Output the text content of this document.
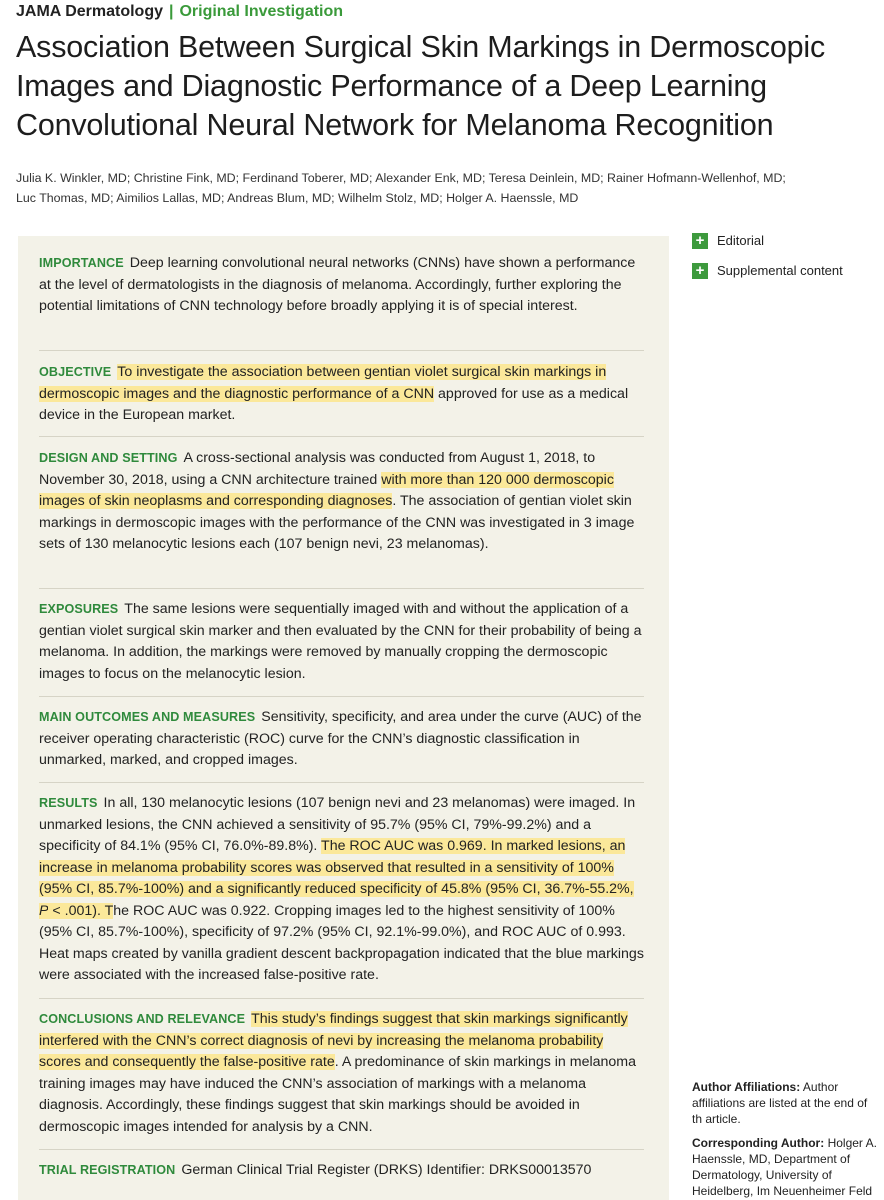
JAMA Dermatology | Original Investigation
Association Between Surgical Skin Markings in Dermoscopic Images and Diagnostic Performance of a Deep Learning Convolutional Neural Network for Melanoma Recognition
Julia K. Winkler, MD; Christine Fink, MD; Ferdinand Toberer, MD; Alexander Enk, MD; Teresa Deinlein, MD; Rainer Hofmann-Wellenhof, MD;
Luc Thomas, MD; Aimilios Lallas, MD; Andreas Blum, MD; Wilhelm Stolz, MD; Holger A. Haenssle, MD
IMPORTANCE Deep learning convolutional neural networks (CNNs) have shown a performance at the level of dermatologists in the diagnosis of melanoma. Accordingly, further exploring the potential limitations of CNN technology before broadly applying it is of special interest.
OBJECTIVE To investigate the association between gentian violet surgical skin markings in dermoscopic images and the diagnostic performance of a CNN approved for use as a medical device in the European market.
DESIGN AND SETTING A cross-sectional analysis was conducted from August 1, 2018, to November 30, 2018, using a CNN architecture trained with more than 120 000 dermoscopic images of skin neoplasms and corresponding diagnoses. The association of gentian violet skin markings in dermoscopic images with the performance of the CNN was investigated in 3 image sets of 130 melanocytic lesions each (107 benign nevi, 23 melanomas).
EXPOSURES The same lesions were sequentially imaged with and without the application of a gentian violet surgical skin marker and then evaluated by the CNN for their probability of being a melanoma. In addition, the markings were removed by manually cropping the dermoscopic images to focus on the melanocytic lesion.
MAIN OUTCOMES AND MEASURES Sensitivity, specificity, and area under the curve (AUC) of the receiver operating characteristic (ROC) curve for the CNN’s diagnostic classification in unmarked, marked, and cropped images.
RESULTS In all, 130 melanocytic lesions (107 benign nevi and 23 melanomas) were imaged. In unmarked lesions, the CNN achieved a sensitivity of 95.7% (95% CI, 79%-99.2%) and a specificity of 84.1% (95% CI, 76.0%-89.8%). The ROC AUC was 0.969. In marked lesions, an increase in melanoma probability scores was observed that resulted in a sensitivity of 100% (95% CI, 85.7%-100%) and a significantly reduced specificity of 45.8% (95% CI, 36.7%-55.2%, P < .001). The ROC AUC was 0.922. Cropping images led to the highest sensitivity of 100% (95% CI, 85.7%-100%), specificity of 97.2% (95% CI, 92.1%-99.0%), and ROC AUC of 0.993. Heat maps created by vanilla gradient descent backpropagation indicated that the blue markings were associated with the increased false-positive rate.
CONCLUSIONS AND RELEVANCE This study’s findings suggest that skin markings significantly interfered with the CNN’s correct diagnosis of nevi by increasing the melanoma probability scores and consequently the false-positive rate. A predominance of skin markings in melanoma training images may have induced the CNN’s association of markings with a melanoma diagnosis. Accordingly, these findings suggest that skin markings should be avoided in dermoscopic images intended for analysis by a CNN.
TRIAL REGISTRATION German Clinical Trial Register (DRKS) Identifier: DRKS00013570
+ Editorial
+ Supplemental content
Author Affiliations: Author affiliations are listed at the end of th article.
Corresponding Author: Holger A. Haenssle, MD, Department of Dermatology, University of Heidelberg, Im Neuenheimer Feld
